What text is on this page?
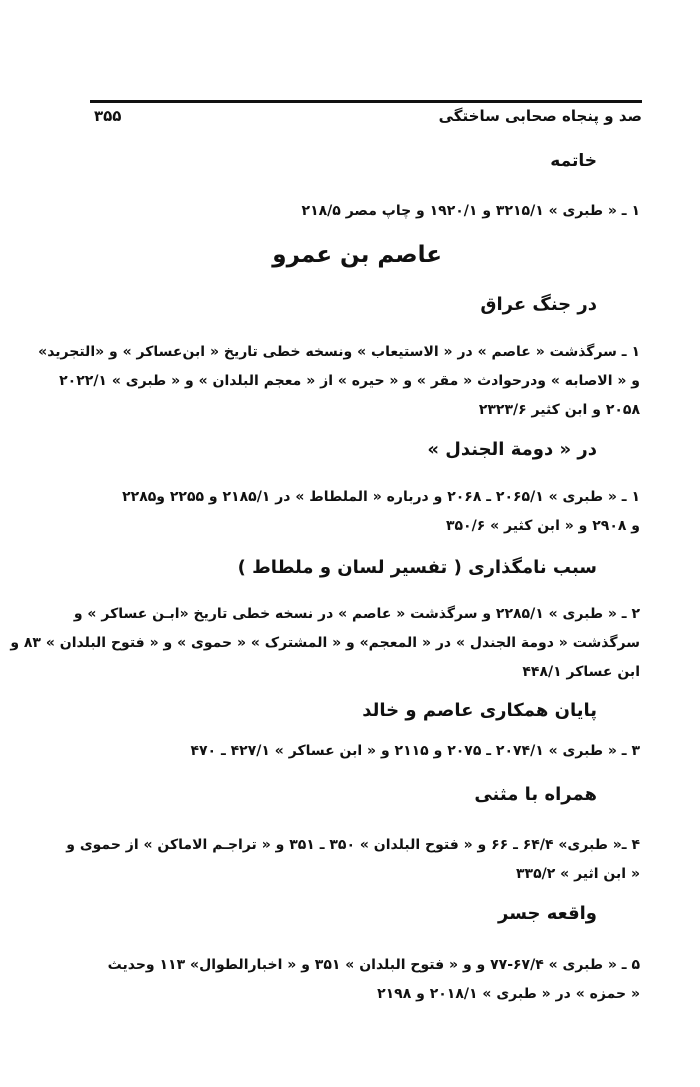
صد و پنجاه صحابی ساختگی
۳۵۵
خاتمه
۱ ـ « طبری » ۳۲۱۵/۱ و ۱۹۲۰/۱ و چاپ مصر ۲۱۸/۵
عاصم بن عمرو
در جنگ عراق
۱ ـ سرگذشت « عاصم » در « الاستیعاب » ونسخه خطی تاریخ « ابن‌عساکر » و «التجرید»
و « الاصابه » ودرحوادث « مقر » و « حیره » از « معجم البلدان » و « طبری » ۲۰۲۲/۱
۲۰۵۸ و ابن کثیر ۲۳۲۳/۶
در « دومة الجندل »
۱ ـ « طبری » ۲۰۶۵/۱ ـ ۲۰۶۸ و درباره « الملطاط » در ۲۱۸۵/۱ و ۲۲۵۵ و۲۲۸۵
و ۲۹۰۸ و « ابن کثیر » ۳۵۰/۶
سبب نامگذاری ( تفسیر لسان و ملطاط )
۲ ـ « طبری » ۲۲۸۵/۱ و سرگذشت « عاصم » در نسخه خطی تاریخ «ابـن عساکر » و
سرگذشت « دومة الجندل » در « المعجم» و « المشترک » « حموی » و « فتوح البلدان » ۸۳ و
ابن عساکر ۴۴۸/۱
پایان همکاری عاصم و خالد
۳ ـ « طبری » ۲۰۷۴/۱ ـ ۲۰۷۵ و ۲۱۱۵ و « ابن عساکر » ۴۲۷/۱ ـ ۴۷۰
همراه با مثنی
۴ ـ« طبری» ۶۴/۴ ـ ۶۶ و « فتوح البلدان » ۳۵۰ ـ ۳۵۱ و « تراجـم الاماکن » از حموی و
« ابن اثیر » ۳۳۵/۲
واقعه جسر
۵ ـ « طبری » ۶۷/۴-۷۷ و و « فتوح البلدان » ۳۵۱ و « اخبارالطوال» ۱۱۳ وحدیث
« حمزه » در « طبری » ۲۰۱۸/۱ و ۲۱۹۸
